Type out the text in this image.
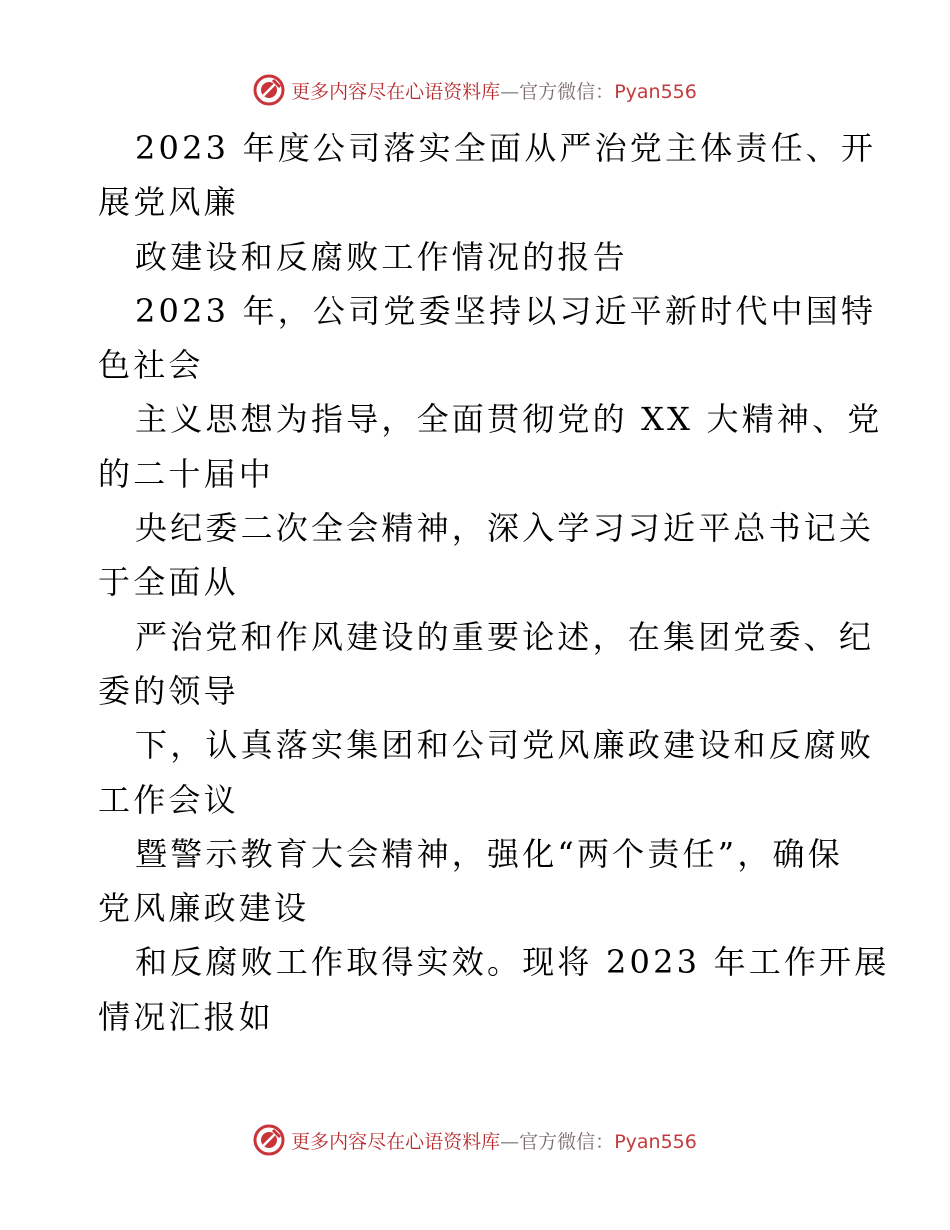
更多内容尽在心语资料库—官方微信：Pyan556
2023 年度公司落实全面从严治党主体责任、开
展党风廉
政建设和反腐败工作情况的报告
2023 年，公司党委坚持以习近平新时代中国特
色社会
主义思想为指导，全面贯彻党的 XX 大精神、党
的二十届中
央纪委二次全会精神，深入学习习近平总书记关
于全面从
严治党和作风建设的重要论述，在集团党委、纪
委的领导
下，认真落实集团和公司党风廉政建设和反腐败
工作会议
暨警示教育大会精神，强化“两个责任”，确保
党风廉政建设
和反腐败工作取得实效。现将 2023 年工作开展
情况汇报如
更多内容尽在心语资料库—官方微信：Pyan556
